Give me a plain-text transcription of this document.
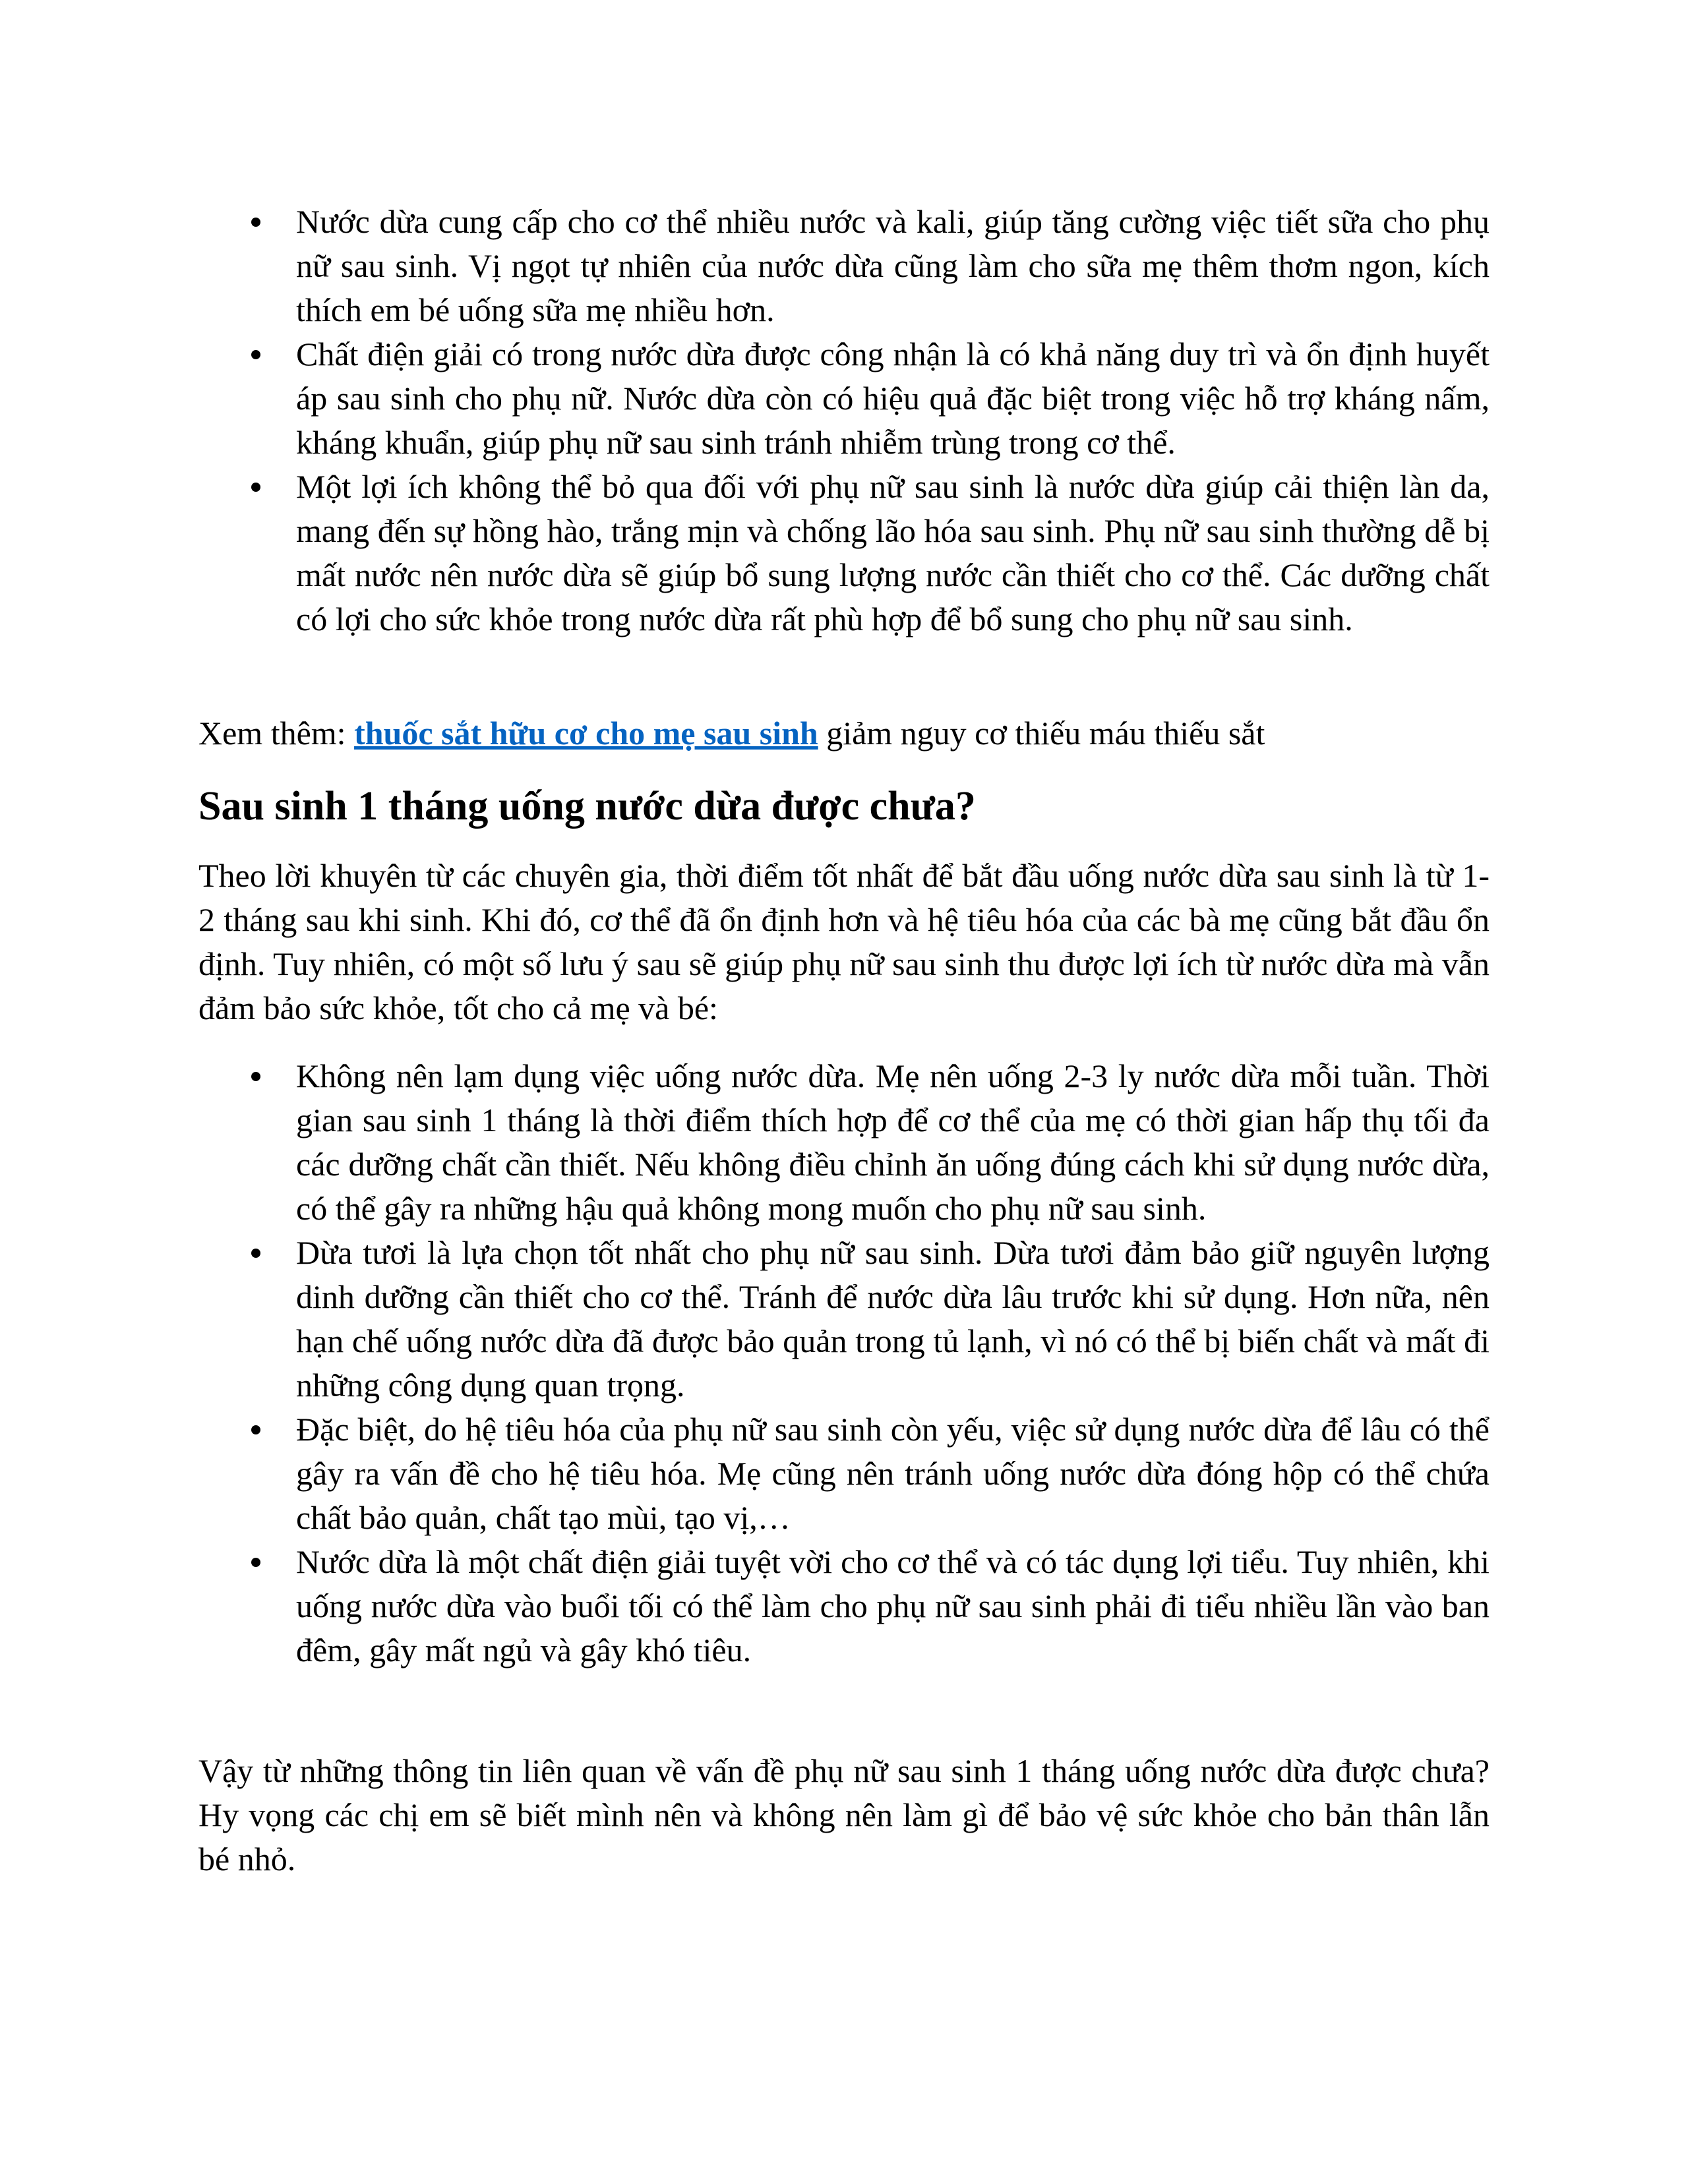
Nước dừa cung cấp cho cơ thể nhiều nước và kali, giúp tăng cường việc tiết sữa cho phụ nữ sau sinh. Vị ngọt tự nhiên của nước dừa cũng làm cho sữa mẹ thêm thơm ngon, kích thích em bé uống sữa mẹ nhiều hơn.
Chất điện giải có trong nước dừa được công nhận là có khả năng duy trì và ổn định huyết áp sau sinh cho phụ nữ. Nước dừa còn có hiệu quả đặc biệt trong việc hỗ trợ kháng nấm, kháng khuẩn, giúp phụ nữ sau sinh tránh nhiễm trùng trong cơ thể.
Một lợi ích không thể bỏ qua đối với phụ nữ sau sinh là nước dừa giúp cải thiện làn da, mang đến sự hồng hào, trắng mịn và chống lão hóa sau sinh. Phụ nữ sau sinh thường dễ bị mất nước nên nước dừa sẽ giúp bổ sung lượng nước cần thiết cho cơ thể. Các dưỡng chất có lợi cho sức khỏe trong nước dừa rất phù hợp để bổ sung cho phụ nữ sau sinh.

Xem thêm: thuốc sắt hữu cơ cho mẹ sau sinh giảm nguy cơ thiếu máu thiếu sắt

Sau sinh 1 tháng uống nước dừa được chưa?

Theo lời khuyên từ các chuyên gia, thời điểm tốt nhất để bắt đầu uống nước dừa sau sinh là từ 1-2 tháng sau khi sinh. Khi đó, cơ thể đã ổn định hơn và hệ tiêu hóa của các bà mẹ cũng bắt đầu ổn định. Tuy nhiên, có một số lưu ý sau sẽ giúp phụ nữ sau sinh thu được lợi ích từ nước dừa mà vẫn đảm bảo sức khỏe, tốt cho cả mẹ và bé:

Không nên lạm dụng việc uống nước dừa. Mẹ nên uống 2-3 ly nước dừa mỗi tuần. Thời gian sau sinh 1 tháng là thời điểm thích hợp để cơ thể của mẹ có thời gian hấp thụ tối đa các dưỡng chất cần thiết. Nếu không điều chỉnh ăn uống đúng cách khi sử dụng nước dừa, có thể gây ra những hậu quả không mong muốn cho phụ nữ sau sinh.
Dừa tươi là lựa chọn tốt nhất cho phụ nữ sau sinh. Dừa tươi đảm bảo giữ nguyên lượng dinh dưỡng cần thiết cho cơ thể. Tránh để nước dừa lâu trước khi sử dụng. Hơn nữa, nên hạn chế uống nước dừa đã được bảo quản trong tủ lạnh, vì nó có thể bị biến chất và mất đi những công dụng quan trọng.
Đặc biệt, do hệ tiêu hóa của phụ nữ sau sinh còn yếu, việc sử dụng nước dừa để lâu có thể gây ra vấn đề cho hệ tiêu hóa. Mẹ cũng nên tránh uống nước dừa đóng hộp có thể chứa chất bảo quản, chất tạo mùi, tạo vị,…
Nước dừa là một chất điện giải tuyệt vời cho cơ thể và có tác dụng lợi tiểu. Tuy nhiên, khi uống nước dừa vào buổi tối có thể làm cho phụ nữ sau sinh phải đi tiểu nhiều lần vào ban đêm, gây mất ngủ và gây khó tiêu.

Vậy từ những thông tin liên quan về vấn đề phụ nữ sau sinh 1 tháng uống nước dừa được chưa? Hy vọng các chị em sẽ biết mình nên và không nên làm gì để bảo vệ sức khỏe cho bản thân lẫn bé nhỏ.
